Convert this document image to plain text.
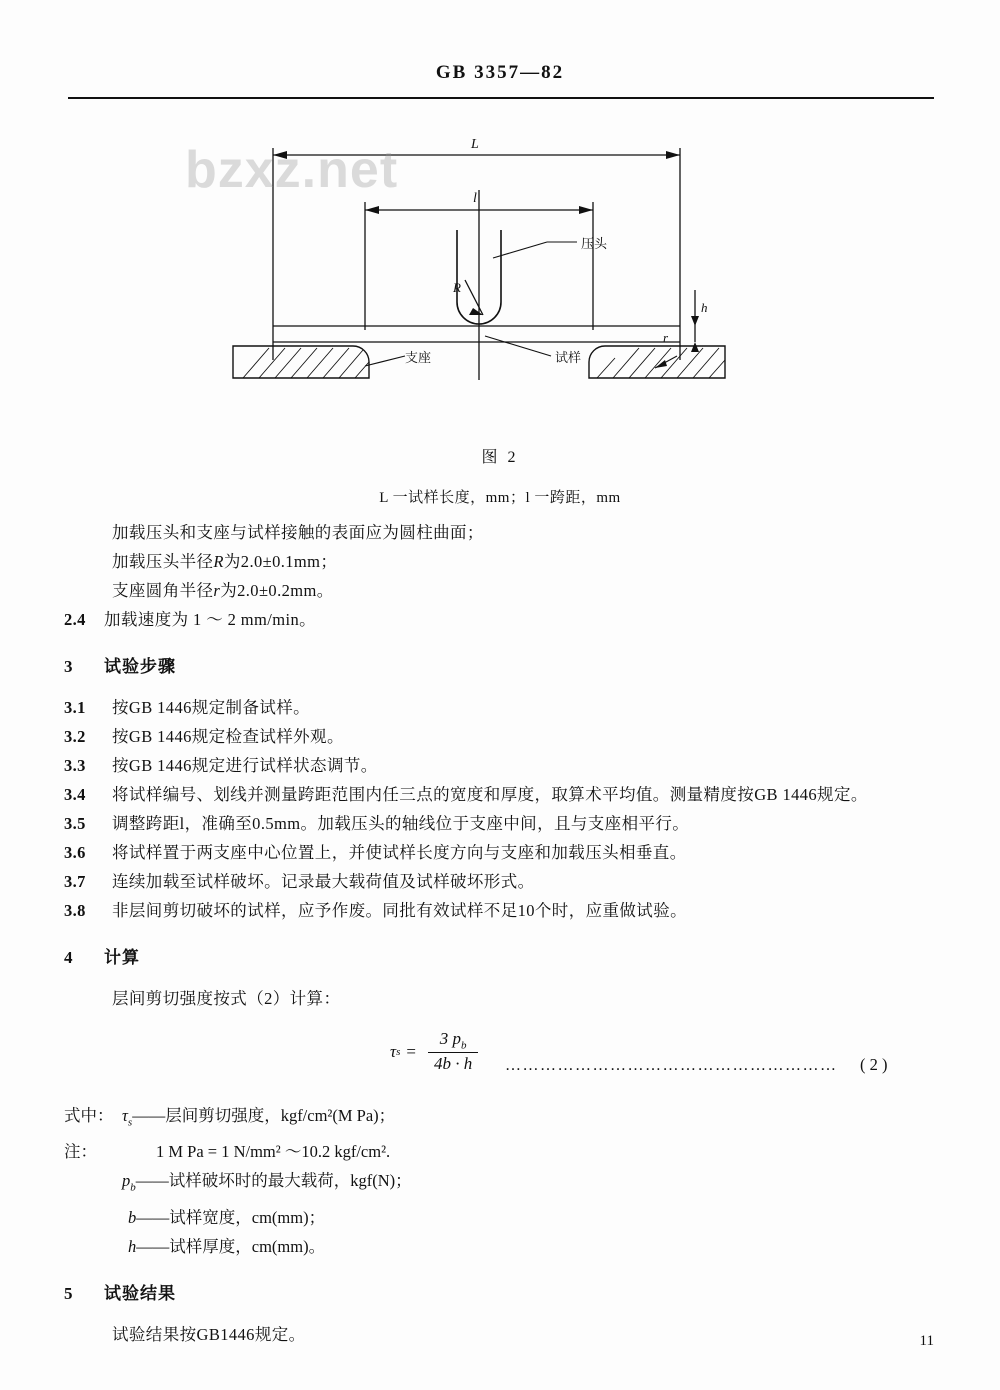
GB 3357—82
L
l
R
r
h
压头
支座	试样
bzxz.net
图 2
L 一试样长度，mm；l 一跨距，mm
加载压头和支座与试样接触的表面应为圆柱曲面；
加载压头半径R为2.0±0.1mm；
支座圆角半径r为2.0±0.2mm。
2.4 加载速度为 1 ～ 2 mm/min。
3 试验步骤
3.1 按GB 1446规定制备试样。
3.2 按GB 1446规定检查试样外观。
3.3 按GB 1446规定进行试样状态调节。
3.4 将试样编号、划线并测量跨距范围内任三点的宽度和厚度，取算术平均值。测量精度按GB 1446规定。
3.5 调整跨距l，准确至0.5mm。加载压头的轴线位于支座中间，且与支座相平行。
3.6 将试样置于两支座中心位置上，并使试样长度方向与支座和加载压头相垂直。
3.7 连续加载至试样破坏。记录最大载荷值及试样破坏形式。
3.8 非层间剪切破坏的试样，应予作废。同批有效试样不足10个时，应重做试验。
4 计算
层间剪切强度按式（2）计算：
τ $s = \frac{3 p_b}{4b \cdot h}$ ………………………………………………… ( 2 )
式中： $\tau_s——$层间剪切强度，kgf/cm²(M Pa)；
注：	1 M Pa = 1 N/mm² ～10.2 kgf/cm².
$p_b——$试样破坏时的最大载荷，kgf(N)；
b——试样宽度，cm(mm)；
h——试样厚度，cm(mm)。
5 试验结果
试验结果按GB1446规定。	11
